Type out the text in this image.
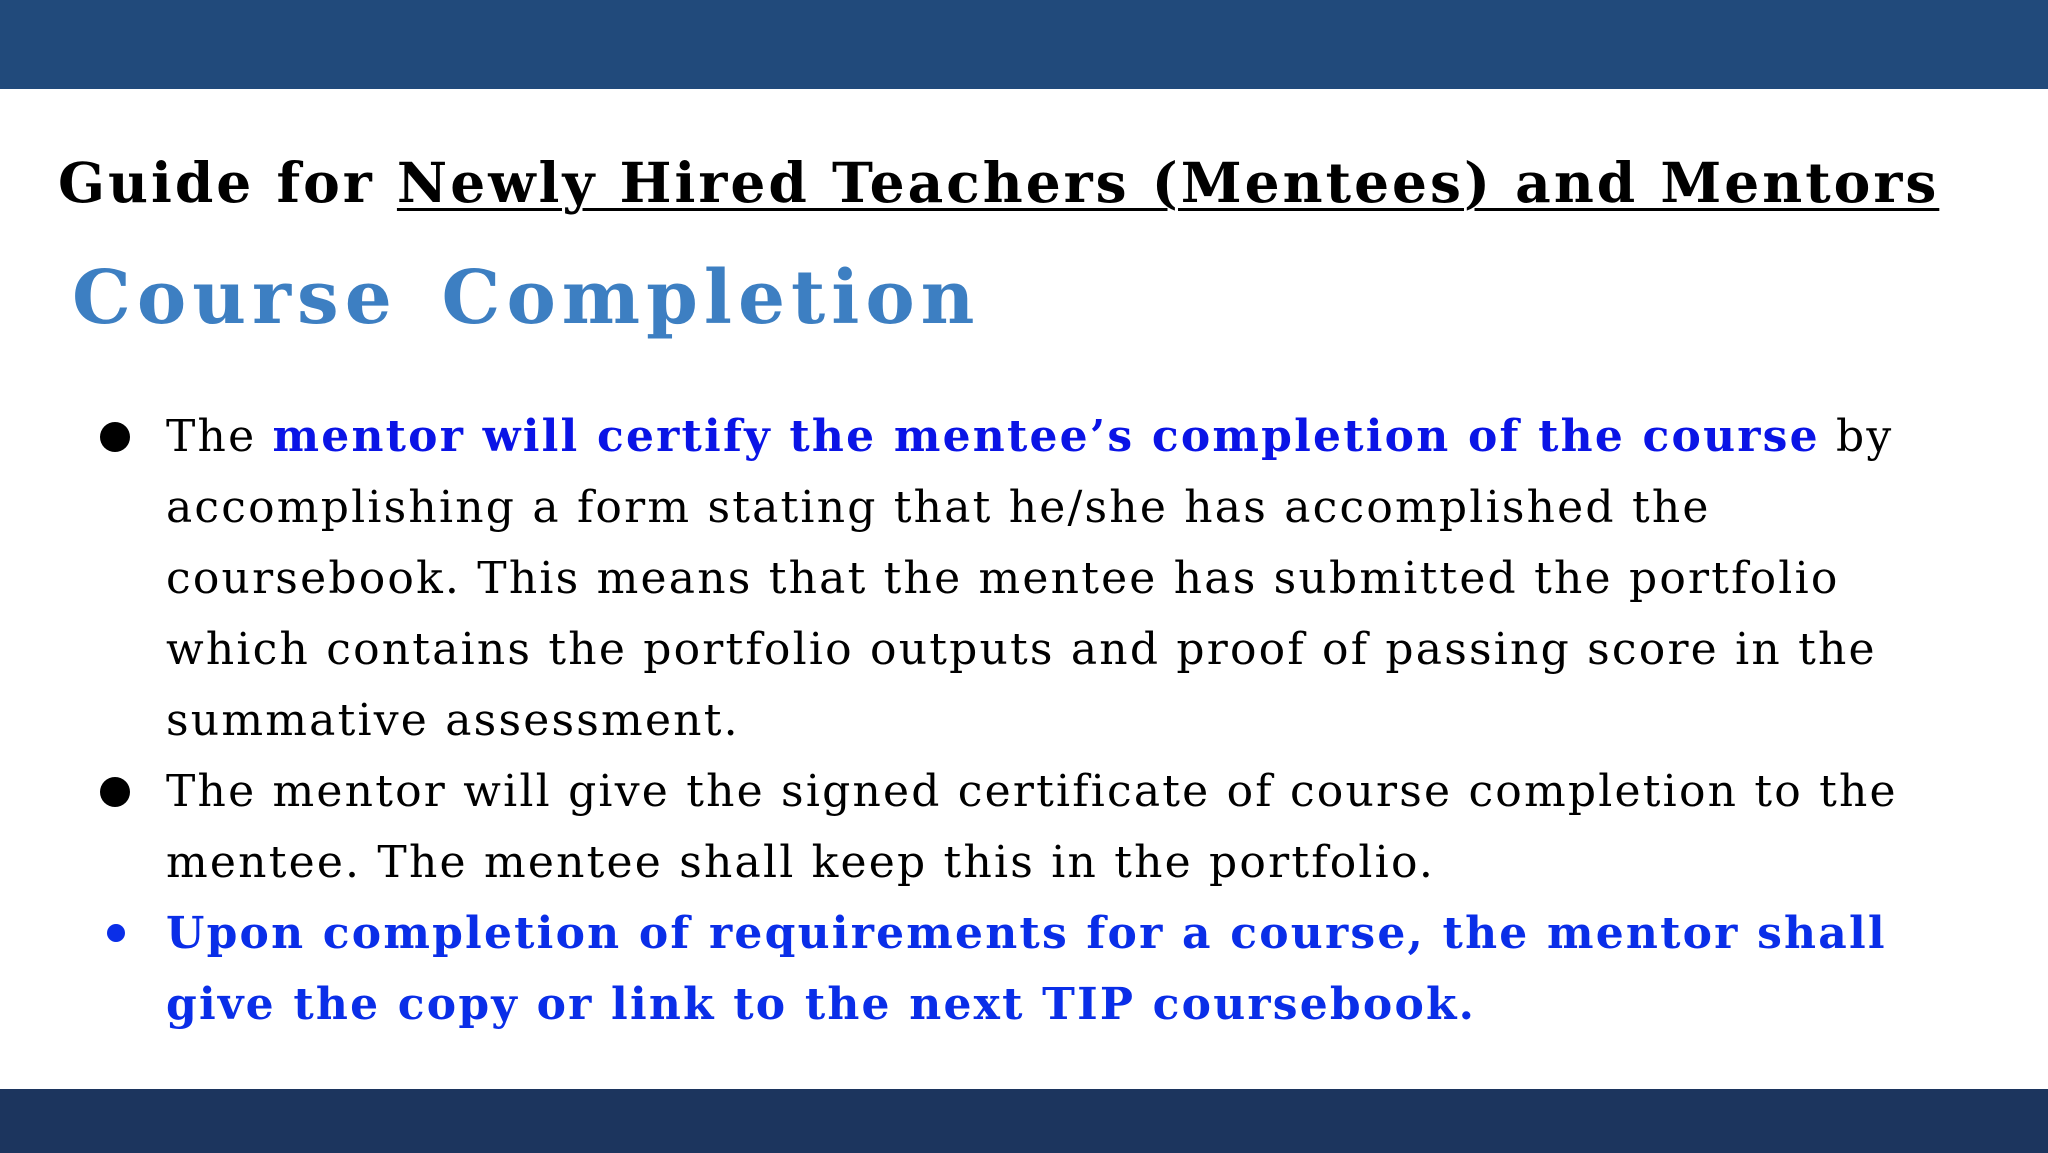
Guide for Newly Hired Teachers (Mentees) and Mentors
Course Completion
The mentor will certify the mentee’s completion of the course by accomplishing a form stating that he/she has accomplished the coursebook. This means that the mentee has submitted the portfolio which contains the portfolio outputs and proof of passing score in the summative assessment.
The mentor will give the signed certificate of course completion to the mentee. The mentee shall keep this in the portfolio.
Upon completion of requirements for a course, the mentor shall give the copy or link to the next TIP coursebook.
